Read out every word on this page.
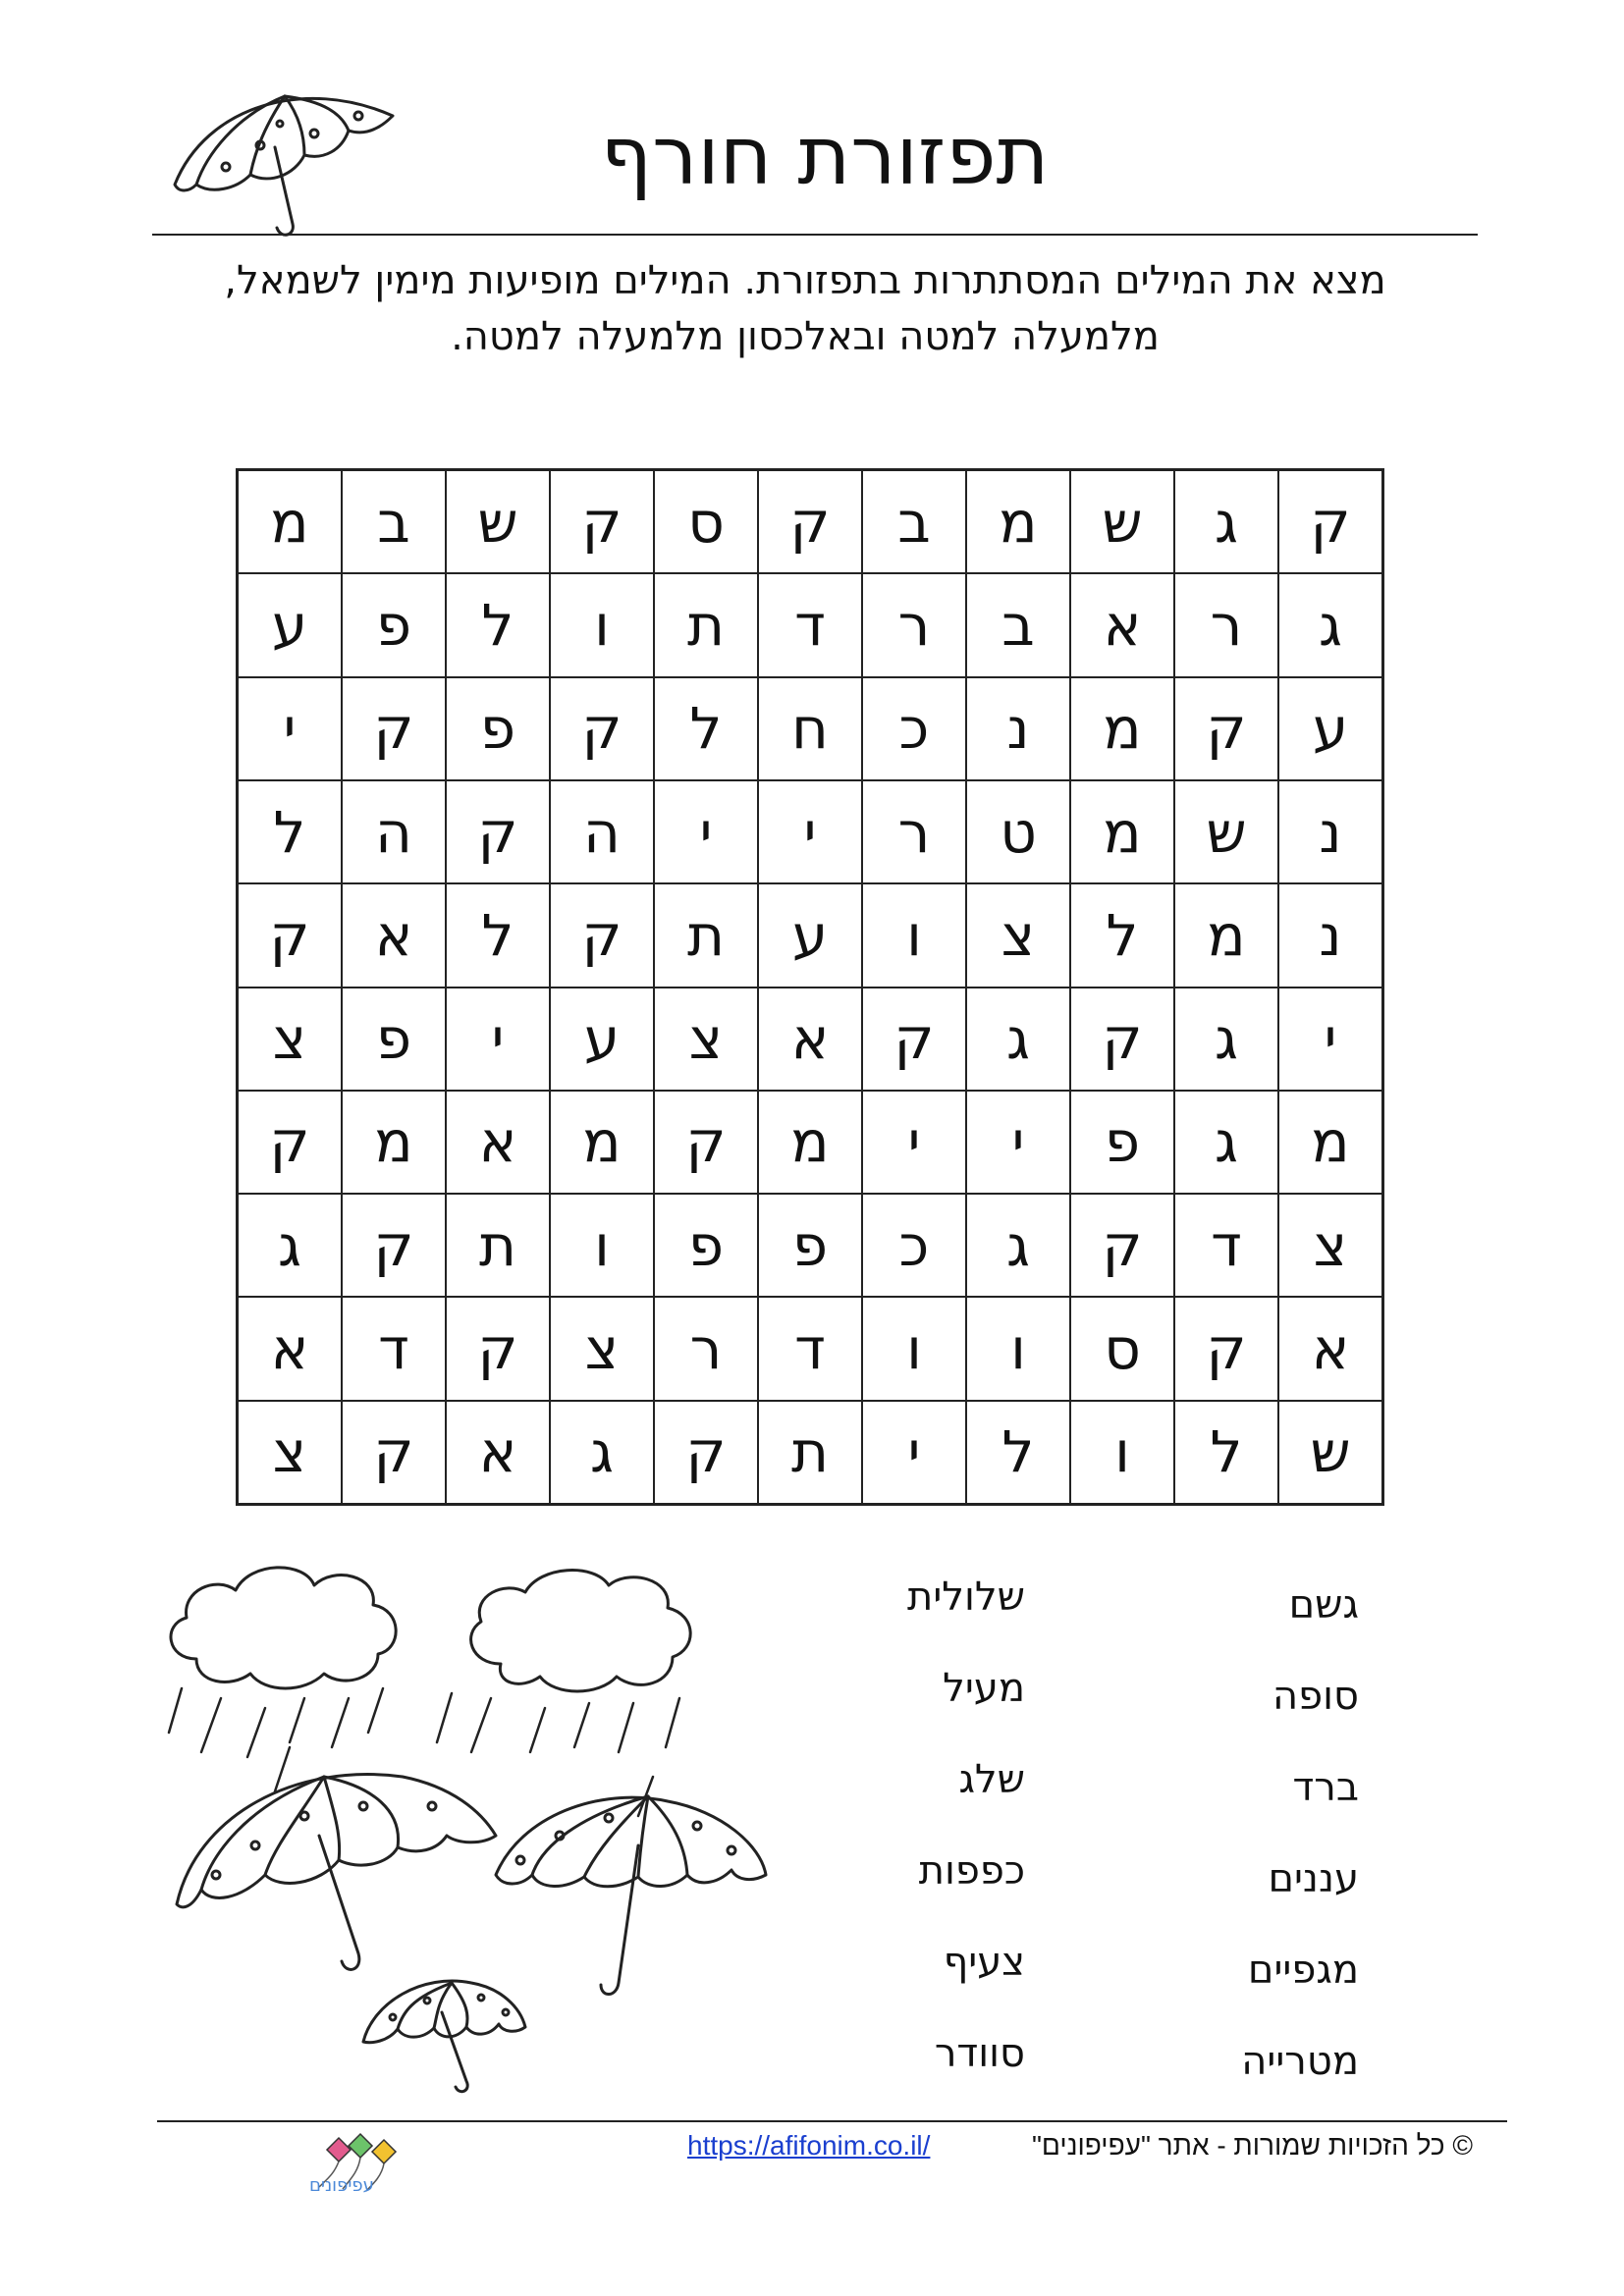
תפזורת חורף
מצא את המילים המסתתרות בתפזורת. המילים מופיעות מימין לשמאל,
מלמעלה למטה ובאלכסון מלמעלה למטה.
ק
ג
ש
מ
ב
ק
ס
ק
ש
ב
מ
ג
ר
א
ב
ר
ד
ת
ו
ל
פ
ע
ע
ק
מ
נ
כ
ח
ל
ק
פ
ק
י
נ
ש
מ
ט
ר
י
י
ה
ק
ה
ל
נ
מ
ל
צ
ו
ע
ת
ק
ל
א
ק
י
ג
ק
ג
ק
א
צ
ע
י
פ
צ
מ
ג
פ
י
י
מ
ק
מ
א
מ
ק
צ
ד
ק
ג
כ
פ
פ
ו
ת
ק
ג
א
ק
ס
ו
ו
ד
ר
צ
ק
ד
א
ש
ל
ו
ל
י
ת
ק
ג
א
ק
צ
גשם
סופה
ברד
עננים
מגפיים
מטרייה
שלולית
מעיל
שלג
כפפות
צעיף
סוודר
עפיפונים
https://afifonim.co.il/	© כל הזכויות שמורות - אתר "עפיפונים"
